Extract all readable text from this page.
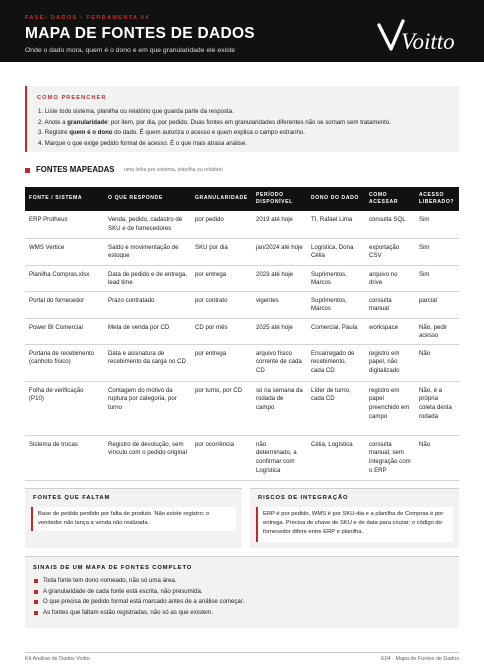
FASE: DADOS • FERRAMENTA 04
MAPA DE FONTES DE DADOS
Onde o dado mora, quem é o dono e em que granularidade ele existe	Voitto
COMO PREENCHER
1. Liste todo sistema, planilha ou relatório que guarda parte da resposta.
2. Anote a granularidade: por item, por dia, por pedido. Duas fontes em granularidades diferentes não se somam sem tratamento.
3. Registre quem é o dono do dado. É quem autoriza o acesso e quem explica o campo estranho.
4. Marque o que exige pedido formal de acesso. É o que mais atrasa análise.
FONTES MAPEADAS uma linha por sistema, planilha ou relatório
FONTE / SISTEMA	O QUE RESPONDE	GRANULARIDADE	PERÍODO DISPONÍVEL	DONO DO DADO	COMO ACESSAR	ACESSO LIBERADO?
ERP Protheus	Venda, pedido, cadastro de SKU e de fornecedores	por pedido	2019 até hoje	TI, Rafael Lima	consulta SQL	Sim
WMS Vertice	Saldo e movimentação de estoque	SKU por dia	jan/2024 até hoje	Logística, Dona Célia	exportação CSV	Sim
Planilha Compras.xlsx	Data de pedido e de entrega, lead time	por entrega	2023 até hoje	Suprimentos, Marcos	arquivo no drive	Sim
Portal do fornecedor	Prazo contratado	por contrato	vigentes	Suprimentos, Marcos	consulta manual	parcial
Power BI Comercial	Meta de venda por CD	CD por mês	2025 até hoje	Comercial, Paula	workspace	Não, pedir acesso
Portaria de recebimento (canhoto físico)	Data e assinatura de recebimento da carga no CD	por entrega	arquivo físico corrente de cada CD	Encarregado de recebimento, cada CD	registro em papel, não digitalizado	Não
Folha de verificação (P10)	Contagem do motivo da ruptura por categoria, por turno	por turno, por CD	só na semana da rodada de campo	Líder de turno, cada CD	registro em papel preenchido em campo	Não, é a própria coleta desta rodada
Sistema de trocas	Registro de devolução, sem vínculo com o pedido original	por ocorrência	não determinado, a confirmar com Logística	Célia, Logística	consulta manual, sem integração com o ERP	Não
FONTES QUE FALTAM
Base de pedido perdido por falta de produto. Não existe registro: o vendedor não lança a venda não realizada.
RISCOS DE INTEGRAÇÃO
ERP é por pedido, WMS é por SKU-dia e a planilha do Compras é por entrega. Precisa de chave de SKU e de data para cruzar; o código do fornecedor difere entre ERP e planilha.
SINAIS DE UM MAPA DE FONTES COMPLETO
Toda fonte tem dono nomeado, não só uma área.
A granularidade de cada fonte está escrita, não presumida.
O que precisa de pedido formal está marcado antes de a análise começar.
As fontes que faltam estão registradas, não só as que existem.
Kit Análise de Dados Voitto	E04 · Mapa de Fontes de Dados
